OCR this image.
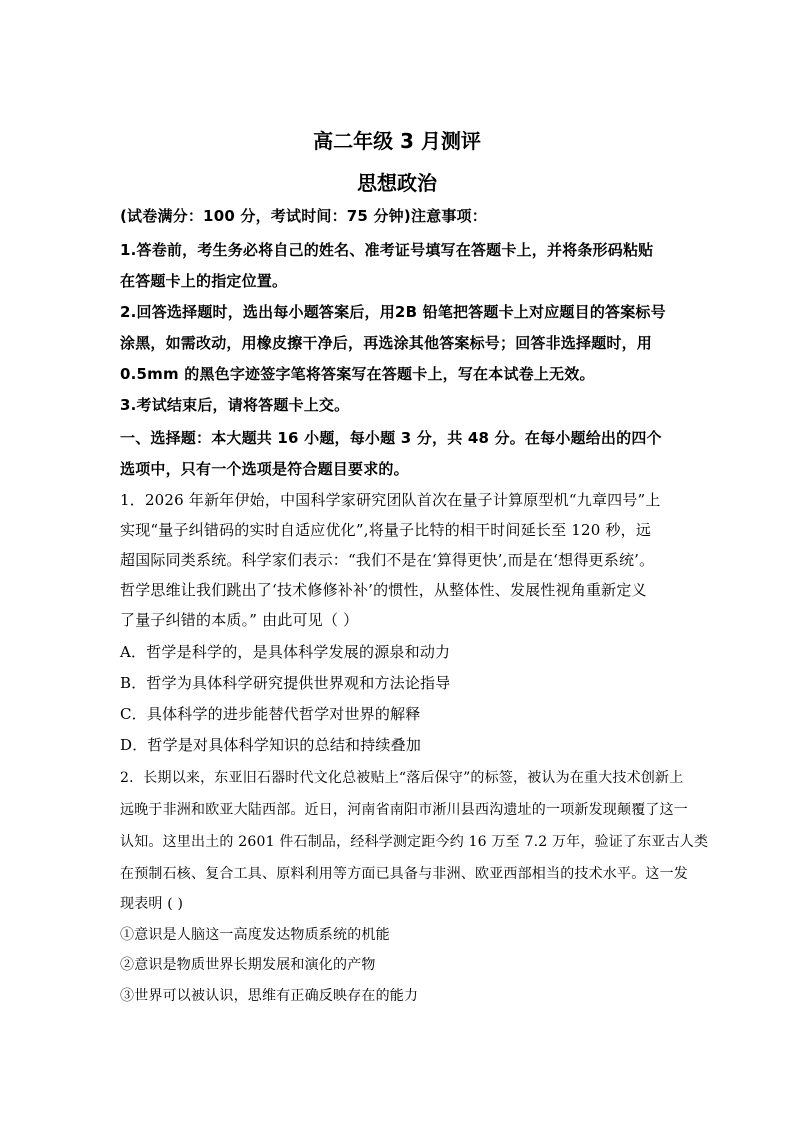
高二年级 3 月测评
思想政治
(试卷满分：100 分，考试时间：75 分钟)注意事项：
1.答卷前，考生务必将自己的姓名、准考证号填写在答题卡上，并将条形码粘贴
在答题卡上的指定位置。
2.回答选择题时，选出每小题答案后，用2B 铅笔把答题卡上对应题目的答案标号
涂黑，如需改动，用橡皮擦干净后，再选涂其他答案标号；回答非选择题时，用
0.5mm 的黑色字迹签字笔将答案写在答题卡上，写在本试卷上无效。
3.考试结束后，请将答题卡上交。
一、选择题：本大题共 16 小题，每小题 3 分，共 48 分。在每小题给出的四个
选项中，只有一个选项是符合题目要求的。
1．2026 年新年伊始，中国科学家研究团队首次在量子计算原型机“九章四号”上
实现“量子纠错码的实时自适应优化”,将量子比特的相干时间延长至 120 秒，远
超国际同类系统。科学家们表示：“我们不是在‘算得更快’,而是在‘想得更系统’。
哲学思维让我们跳出了‘技术修修补补’的惯性，从整体性、发展性视角重新定义
了量子纠错的本质。” 由此可见（ ）
A．哲学是科学的，是具体科学发展的源泉和动力
B．哲学为具体科学研究提供世界观和方法论指导
C．具体科学的进步能替代哲学对世界的解释
D．哲学是对具体科学知识的总结和持续叠加
2．长期以来，东亚旧石器时代文化总被贴上“落后保守”的标签，被认为在重大技术创新上
远晚于非洲和欧亚大陆西部。近日，河南省南阳市淅川县西沟遗址的一项新发现颠覆了这一
认知。这里出土的 2601 件石制品，经科学测定距今约 16 万至 7.2 万年，验证了东亚古人类
在预制石核、复合工具、原料利用等方面已具备与非洲、欧亚西部相当的技术水平。这一发
现表明 ( )
①意识是人脑这一高度发达物质系统的机能
②意识是物质世界长期发展和演化的产物
③世界可以被认识，思维有正确反映存在的能力
